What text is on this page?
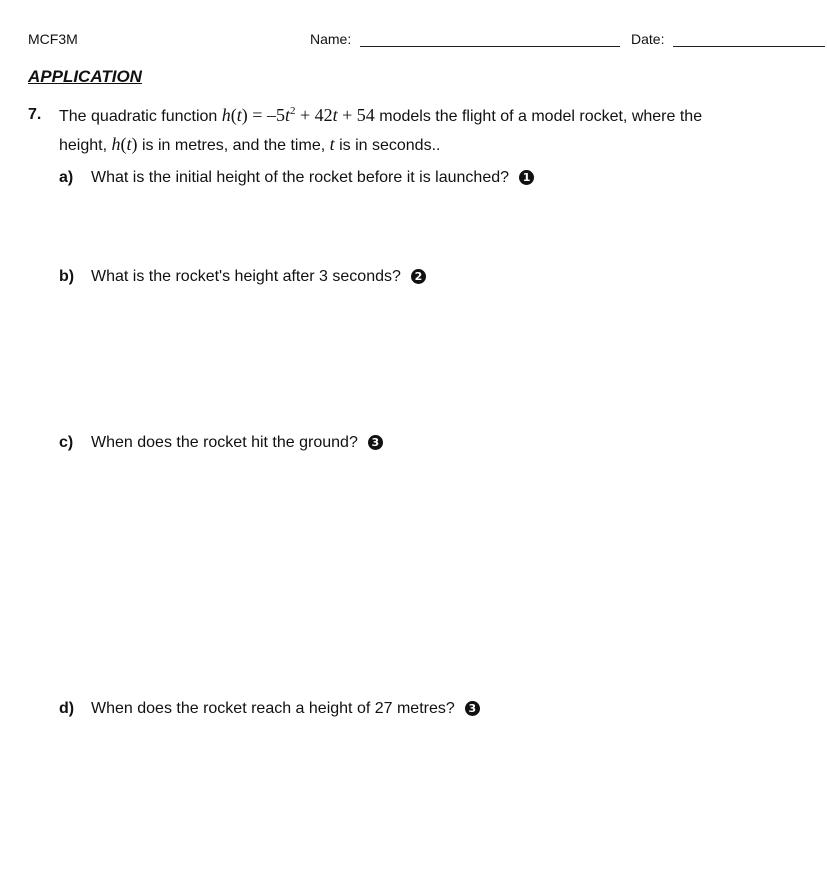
MCF3M	Name:	Date:
APPLICATION
7. The quadratic function $h(t) = -5t^2 + 42t + 54$ models the flight of a model rocket, where the
height, h(t) is in metres, and the time, t is in seconds..
a) What is the initial height of the rocket before it is launched? 1
b) What is the rocket's height after 3 seconds? 2
c) When does the rocket hit the ground? 3
d) When does the rocket reach a height of 27 metres? 3
